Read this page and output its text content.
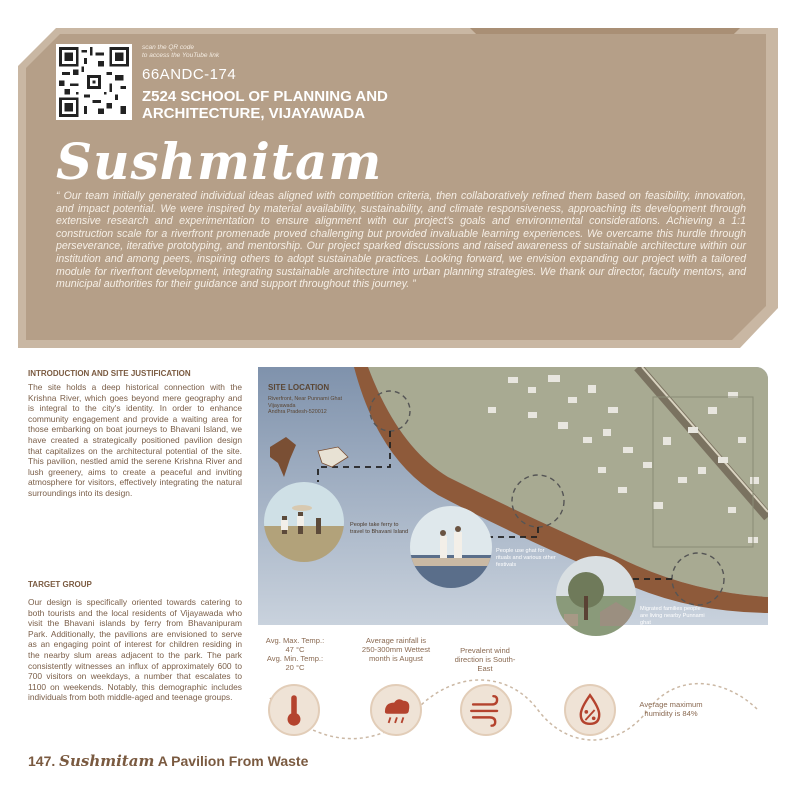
scan the QR code
to access the YouTube link
66ANDC-174
Z524 SCHOOL OF PLANNING AND
ARCHITECTURE, VIJAYAWADA
Sushmitam
“ Our team initially generated individual ideas aligned with competition criteria, then collaboratively refined them based on feasibility, innovation, and impact potential. We were inspired by material availability, sustainability, and climate responsiveness, approaching its development through extensive research and experimentation to ensure alignment with our project's goals and environmental considerations. Achieving a 1:1 construction scale for a riverfront promenade proved challenging but provided invaluable learning experiences. We overcame this hurdle through perseverance, iterative prototyping, and mentorship. Our project sparked discussions and raised awareness of sustainable architecture within our institution and among peers, inspiring others to adopt sustainable practices. Looking forward, we envision expanding our project with a tailored module for riverfront development, integrating sustainable architecture into urban planning strategies. We thank our director, faculty mentors, and municipal authorities for their guidance and support throughout this journey. ”
INTRODUCTION AND SITE JUSTIFICATION
The site holds a deep historical connection with the Krishna River, which goes beyond mere geography and is integral to the city's identity. In order to enhance community engagement and provide a waiting area for those embarking on boat journeys to Bhavani Island, we have created a strategically positioned pavilion design that capitalizes on the architectural potential of the site. This pavilion, nestled amid the serene Krishna River and lush greenery, aims to create a peaceful and inviting atmosphere for visitors, effectively integrating the natural surroundings into its design.
TARGET GROUP
Our design is specifically oriented towards catering to both tourists and the local residents of Vijayawada who visit the Bhavani islands by ferry from Bhavanipuram Park. Additionally, the pavilions are envisioned to serve as an engaging point of interest for children residing in the nearby slum areas adjacent to the park. The park consistently witnesses an influx of approximately 600 to 700 visitors on weekdays, a number that escalates to 1100 on weekends. Notably, this demographic includes individuals from both middle-aged and teenage groups.
SITE LOCATION
Riverfront, Near Punnami Ghat
Vijayawada
Andhra Pradesh-520012
People take ferry to travel to Bhavani Island
People use ghat for rituals and various other festivals
Migrated families people are living nearby Punnami ghat
Avg. Max. Temp.: 47 °C
Avg. Min. Temp.: 20 °C
Average rainfall is 250-300mm Wettest month is August
Prevalent wind direction is South-East
Average maximum humidity is 84%
147. Sushmitam A Pavilion From Waste
